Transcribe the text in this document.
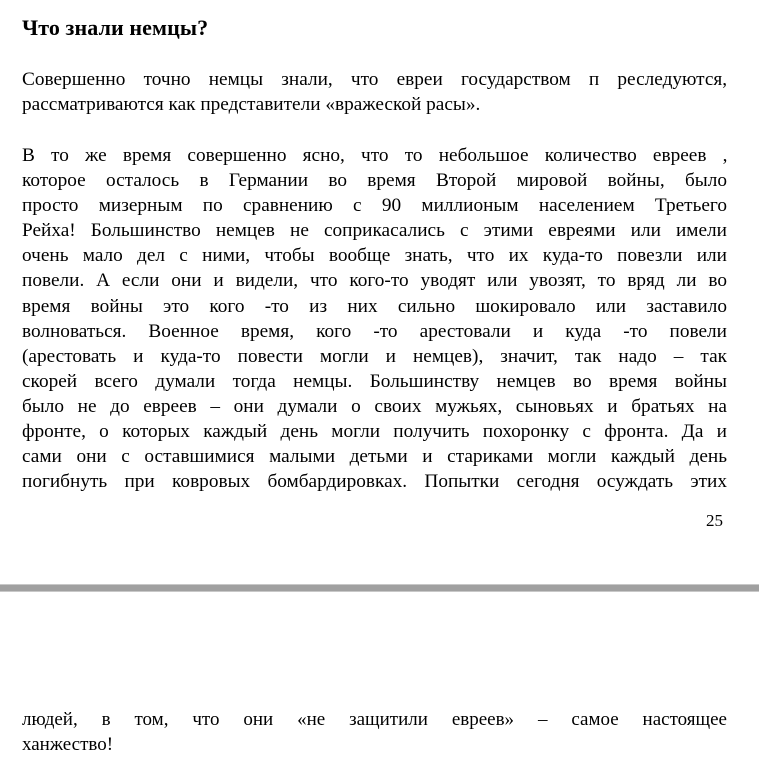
Что знали немцы?

Совершенно точно немцы знали, что евреи государством п реследуются,
рассматриваются как представители «вражеской расы».

В то же время совершенно ясно, что то небольшое количество евреев ,
которое осталось в Германии во время Второй мировой войны, было
просто мизерным по сравнению с 90 миллионым населением Третьего
Рейха! Большинство немцев не соприкасались с этими евреями или имели
очень мало дел с ними, чтобы вообще знать, что их куда-то повезли или
повели. А если они и видели, что кого-то уводят или увозят, то вряд ли во
время войны это кого -то из них сильно шокировало или заставило
волноваться. Военное время, кого -то арестовали и куда -то повели
(арестовать и куда-то повести могли и немцев), значит, так надо – так
скорей всего думали тогда немцы. Большинству немцев во время войны
было не до евреев – они думали о своих мужьях, сыновьях и братьях на
фронте, о которых каждый день могли получить похоронку с фронта. Да и
сами они с оставшимися малыми детьми и стариками могли каждый день
погибнуть при ковровых бомбардировках. Попытки сегодня осуждать этих

25

людей, в том, что они «не защитили евреев» – самое настоящее
ханжество!
